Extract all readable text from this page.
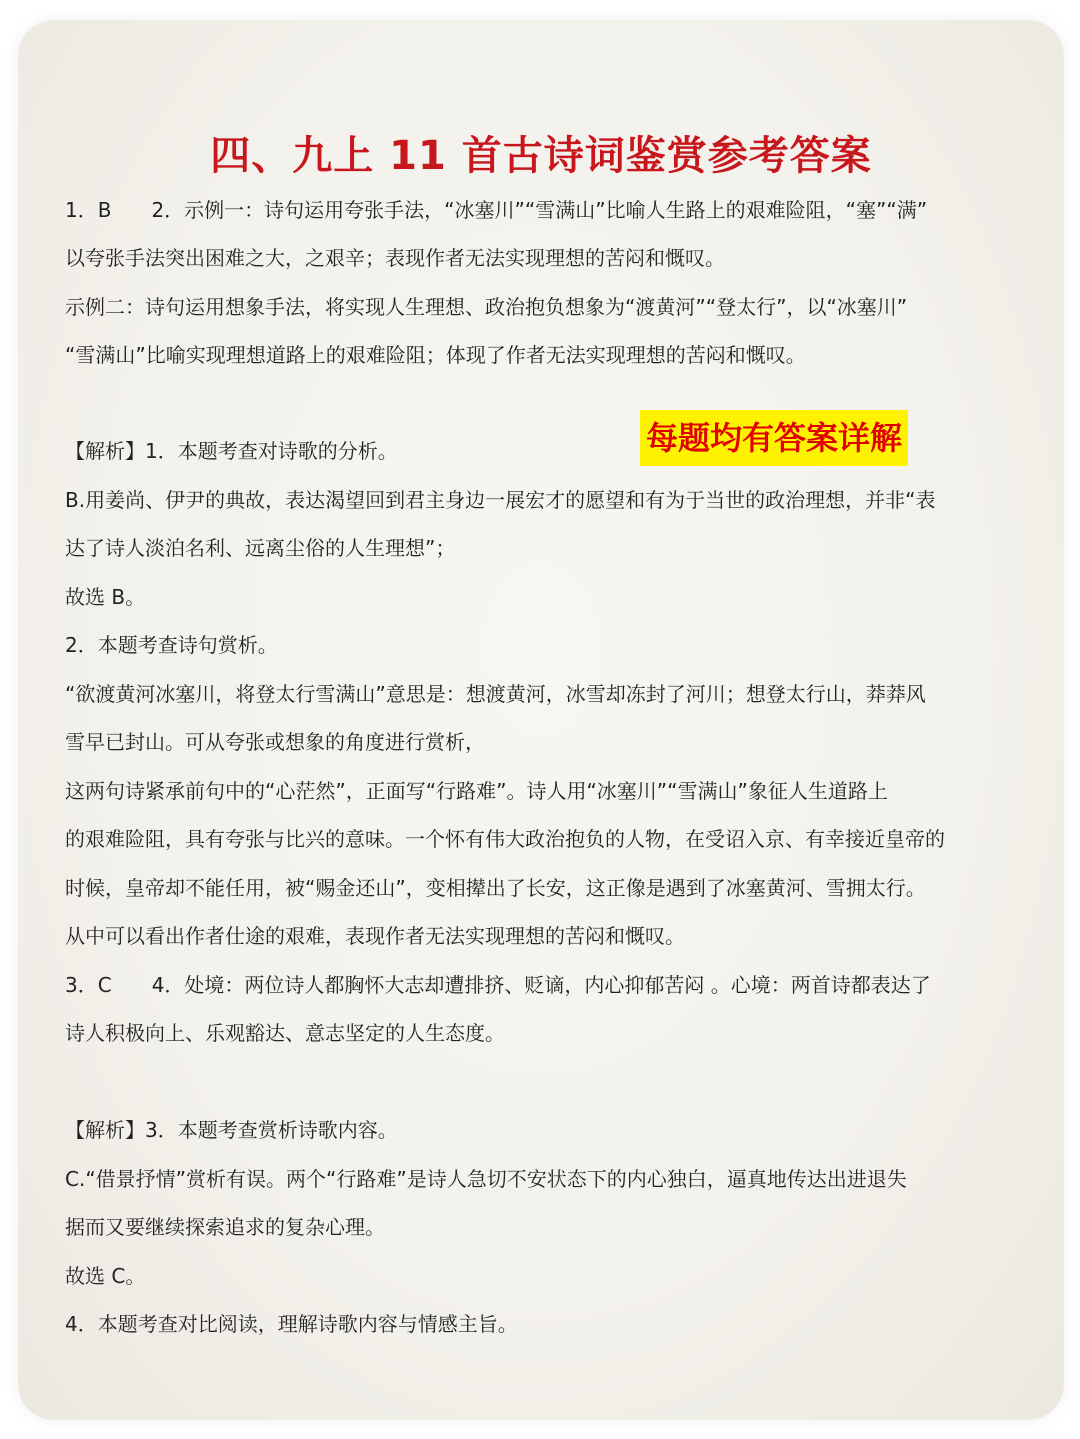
四、九上 11 首古诗词鉴赏参考答案
每题均有答案详解

1．B　　2．示例一：诗句运用夸张手法，“冰塞川”“雪满山”比喻人生路上的艰难险阻，“塞”“满”

以夸张手法突出困难之大，之艰辛；表现作者无法实现理想的苦闷和慨叹。

示例二：诗句运用想象手法，将实现人生理想、政治抱负想象为“渡黄河”“登太行”，以“冰塞川”

“雪满山”比喻实现理想道路上的艰难险阻；体现了作者无法实现理想的苦闷和慨叹。

【解析】1．本题考查对诗歌的分析。

B.用姜尚、伊尹的典故，表达渴望回到君主身边一展宏才的愿望和有为于当世的政治理想，并非“表

达了诗人淡泊名利、远离尘俗的人生理想”；

故选 B。

2．本题考查诗句赏析。

“欲渡黄河冰塞川，将登太行雪满山”意思是：想渡黄河，冰雪却冻封了河川；想登太行山，莽莽风

雪早已封山。可从夸张或想象的角度进行赏析，

这两句诗紧承前句中的“心茫然”，正面写“行路难”。诗人用“冰塞川”“雪满山”象征人生道路上

的艰难险阻，具有夸张与比兴的意味。一个怀有伟大政治抱负的人物，在受诏入京、有幸接近皇帝的

时候，皇帝却不能任用，被“赐金还山”，变相撵出了长安，这正像是遇到了冰塞黄河、雪拥太行。

从中可以看出作者仕途的艰难，表现作者无法实现理想的苦闷和慨叹。

3．C　　4．处境：两位诗人都胸怀大志却遭排挤、贬谪，内心抑郁苦闷 。心境：两首诗都表达了

诗人积极向上、乐观豁达、意志坚定的人生态度。

【解析】3．本题考查赏析诗歌内容。

C.“借景抒情”赏析有误。两个“行路难”是诗人急切不安状态下的内心独白，逼真地传达出进退失

据而又要继续探索追求的复杂心理。

故选 C。

4．本题考查对比阅读，理解诗歌内容与情感主旨。
